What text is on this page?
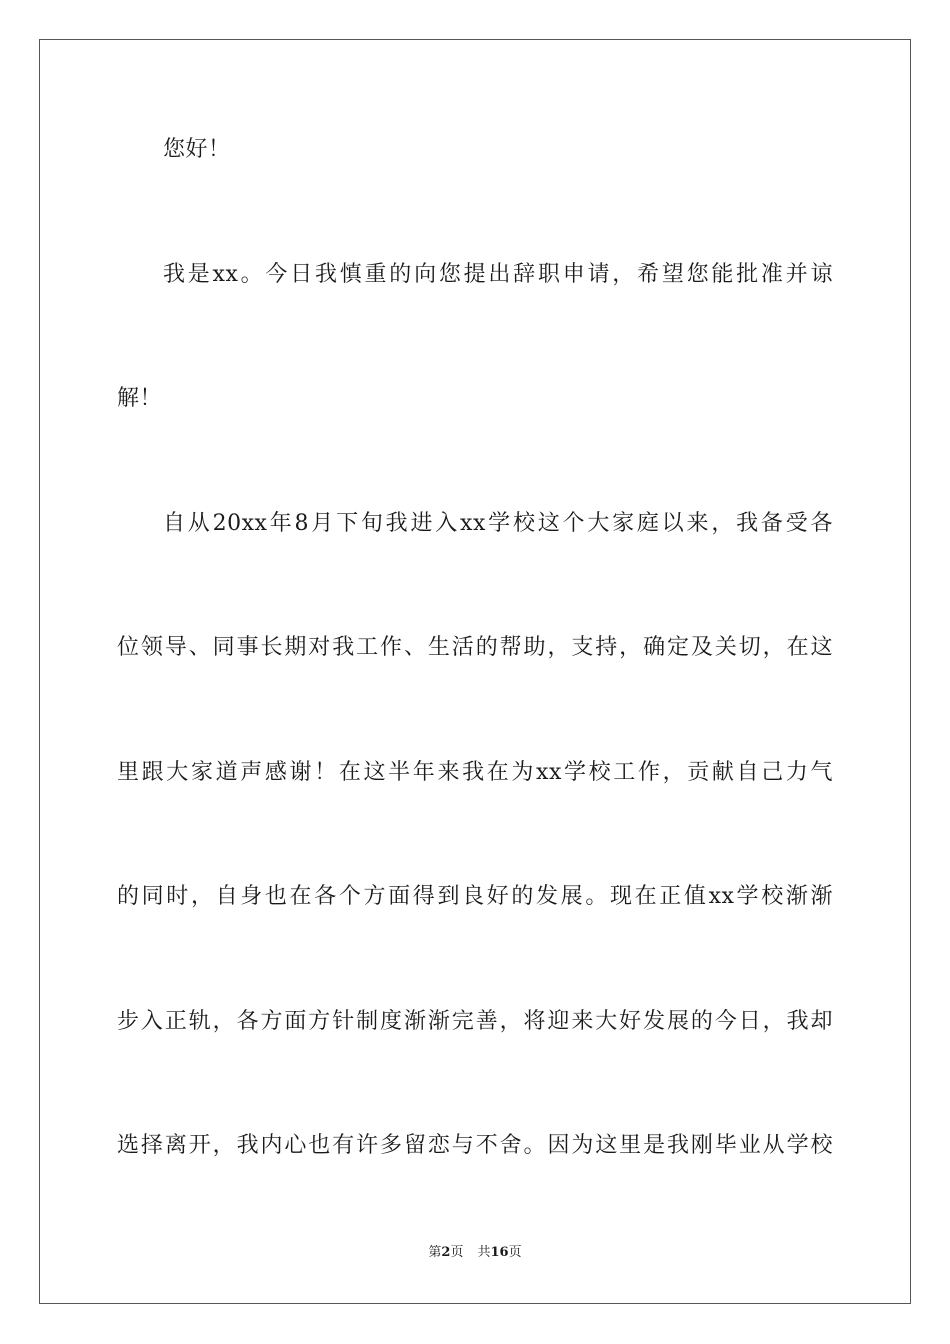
您好！
我是xx。今日我慎重的向您提出辞职申请，希望您能批准并谅
解！
自从20xx年8月下旬我进入xx学校这个大家庭以来，我备受各
位领导、同事长期对我工作、生活的帮助，支持，确定及关切，在这
里跟大家道声感谢！在这半年来我在为xx学校工作，贡献自己力气
的同时，自身也在各个方面得到良好的发展。现在正值xx学校渐渐
步入正轨，各方面方针制度渐渐完善，将迎来大好发展的今日，我却
选择离开，我内心也有许多留恋与不舍。因为这里是我刚毕业从学校
第2页 共16页
